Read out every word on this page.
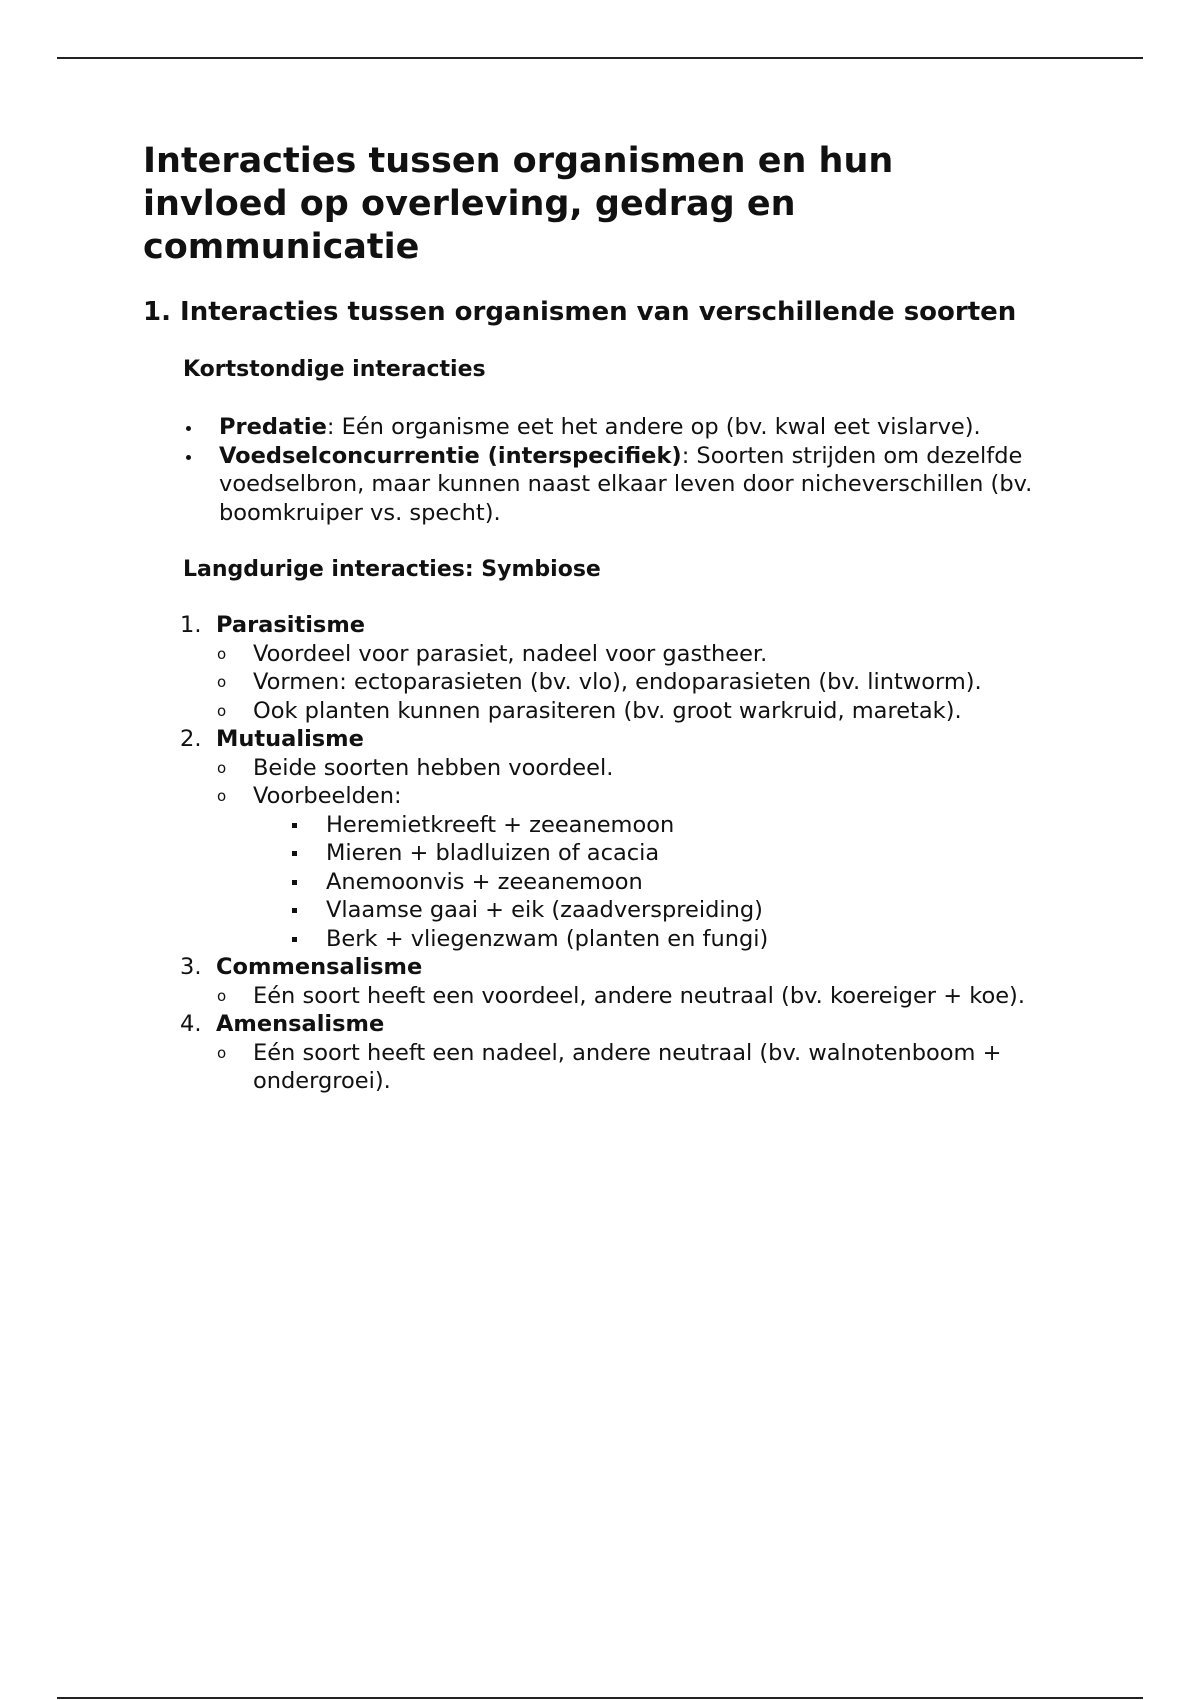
Interacties tussen organismen en hun invloed op overleving, gedrag en communicatie
1. Interacties tussen organismen van verschillende soorten
Kortstondige interacties
Predatie: Eén organisme eet het andere op (bv. kwal eet vislarve).
Voedselconcurrentie (interspecifiek): Soorten strijden om dezelfde voedselbron, maar kunnen naast elkaar leven door nicheverschillen (bv. boomkruiper vs. specht).
Langdurige interacties: Symbiose
1. Parasitisme
o Voordeel voor parasiet, nadeel voor gastheer.
o Vormen: ectoparasieten (bv. vlo), endoparasieten (bv. lintworm).
o Ook planten kunnen parasiteren (bv. groot warkruid, maretak).
2. Mutualisme
o Beide soorten hebben voordeel.
o Voorbeelden:
Heremietkreeft + zeeanemoon
Mieren + bladluizen of acacia
Anemoonvis + zeeanemoon
Vlaamse gaai + eik (zaadverspreiding)
Berk + vliegenzwam (planten en fungi)
3. Commensalisme
o Eén soort heeft een voordeel, andere neutraal (bv. koereiger + koe).
4. Amensalisme
o Eén soort heeft een nadeel, andere neutraal (bv. walnotenboom + ondergroei).
